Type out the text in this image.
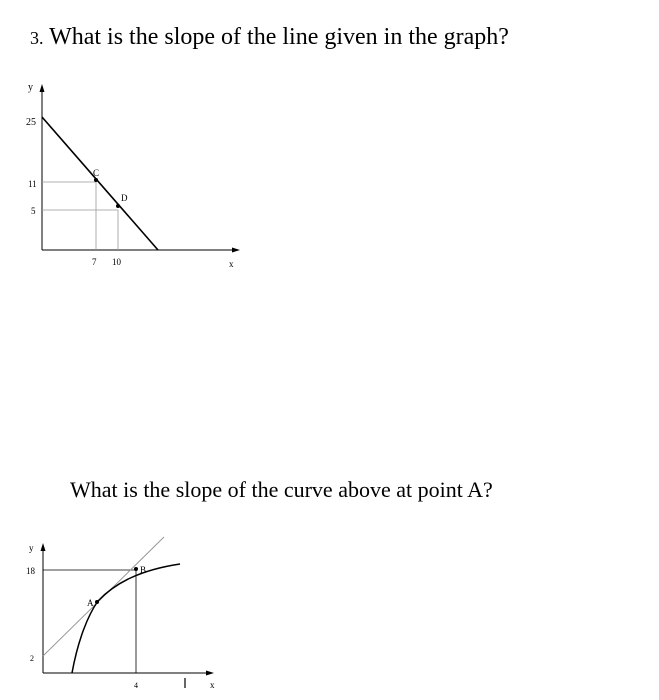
3. What is the slope of the line given in the graph?
y
x
25
11
5
7 10
C
D
y
x
18
2
4
A
B
What is the slope of the curve above at point A?
